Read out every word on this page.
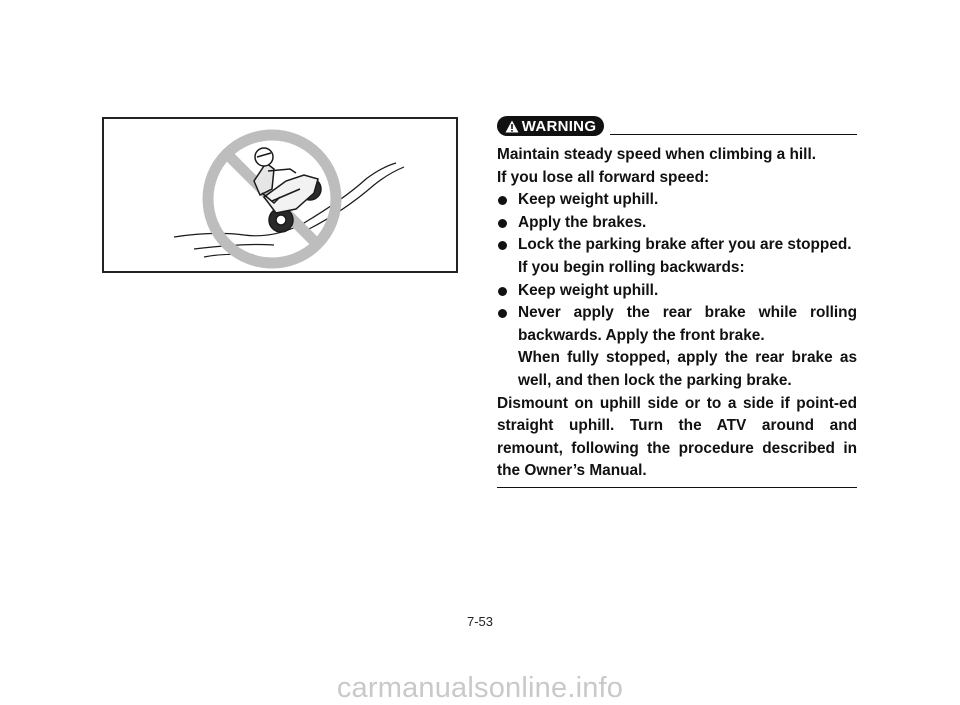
WARNING
Maintain steady speed when climbing a hill.
If you lose all forward speed:
Keep weight uphill.
Apply the brakes.
Lock the parking brake after you are stopped.
If you begin rolling backwards:
Keep weight uphill.
Never apply the rear brake while rolling backwards. Apply the front brake.
When fully stopped, apply the rear brake as well, and then lock the parking brake.
Dismount on uphill side or to a side if point-ed straight uphill. Turn the ATV around and remount, following the procedure described in the Owner’s Manual.
7-53
carmanualsonline.info
